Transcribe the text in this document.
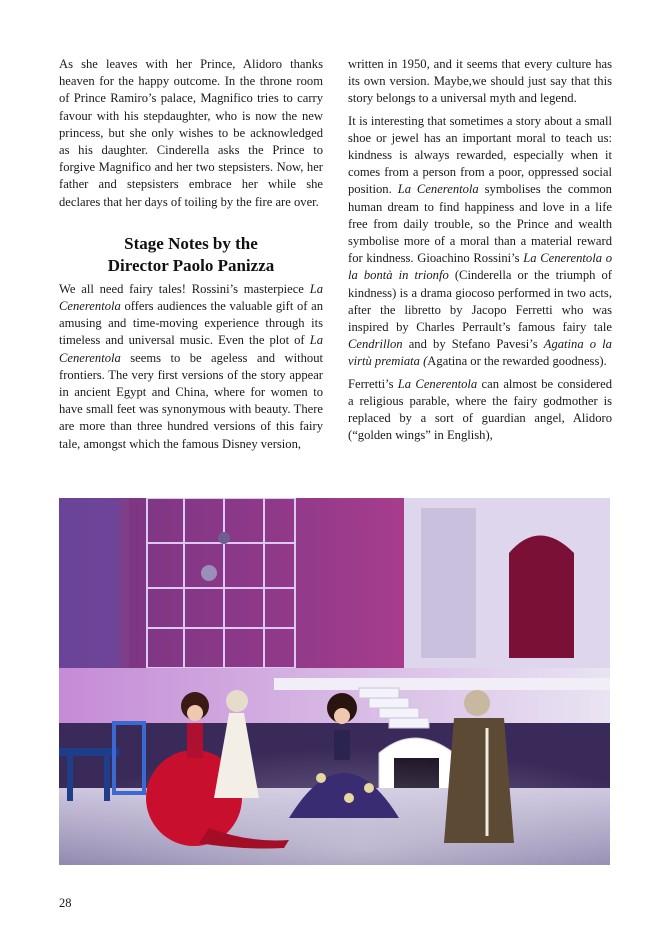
As she leaves with her Prince, Alidoro thanks heaven for the happy outcome. In the throne room of Prince Ramiro’s palace, Magnifico tries to carry favour with his stepdaughter, who is now the new princess, but she only wishes to be acknowledged as his daughter. Cinderella asks the Prince to forgive Magnifico and her two stepsisters. Now, her father and stepsisters embrace her while she declares that her days of toiling by the fire are over.

Stage Notes by the
Director Paolo Panizza

We all need fairy tales! Rossini’s masterpiece La Cenerentola offers audiences the valuable gift of an amusing and time-moving experience through its timeless and universal music. Even the plot of La Cenerentola seems to be ageless and without frontiers. The very first versions of the story appear in ancient Egypt and China, where for women to have small feet was synonymous with beauty. There are more than three hundred versions of this fairy tale, amongst which the famous Disney version,

written in 1950, and it seems that every culture has its own version. Maybe,we should just say that this story belongs to a universal myth and legend.

It is interesting that sometimes a story about a small shoe or jewel has an important moral to teach us: kindness is always rewarded, especially when it comes from a person from a poor, oppressed social position. La Cenerentola symbolises the common human dream to find happiness and love in a life free from daily trouble, so the Prince and wealth symbolise more of a moral than a material reward for kindness. Gioachino Rossini’s La Cenerentola o la bontà in trionfo (Cinderella or the triumph of kindness) is a drama giocoso performed in two acts, after the libretto by Jacopo Ferretti who was inspired by Charles Perrault’s famous fairy tale Cendrillon and by Stefano Pavesi’s Agatina o la virtù premiata (Agatina or the rewarded goodness).

Ferretti’s La Cenerentola can almost be considered a religious parable, where the fairy godmother is replaced by a sort of guardian angel, Alidoro (“golden wings” in English),

28
